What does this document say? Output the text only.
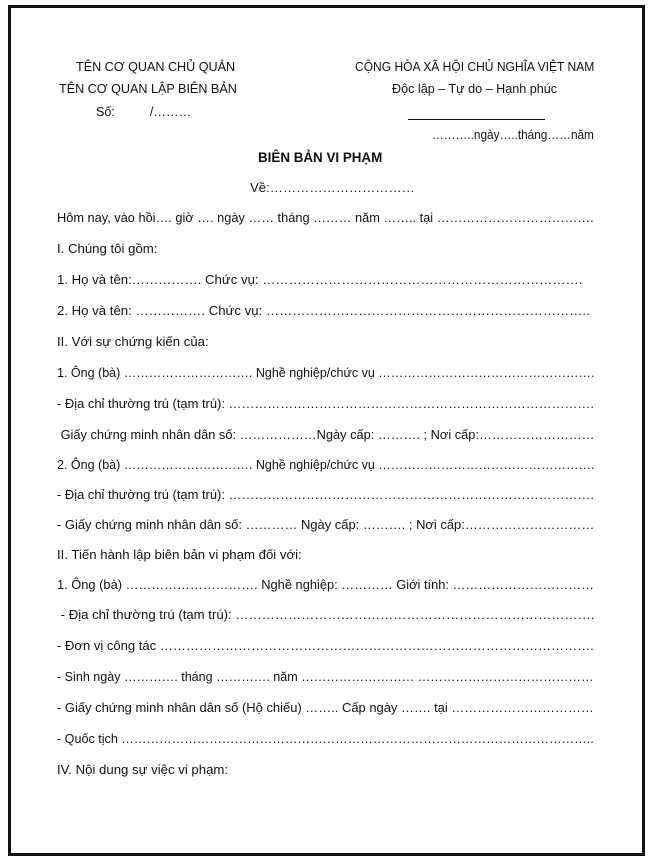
TÊN CƠ QUAN CHỦ QUẢN
TÊN CƠ QUAN LẬP BIÊN BẢN
Số:          /………
CỘNG HÒA XÃ HỘI CHỦ NGHĨA VIỆT NAM
Độc lập – Tự do – Hạnh phúc
………..ngày…..tháng……năm
BIÊN BẢN VI PHẠM
Về:……………………………
Hôm nay, vào hồi…. giờ …. ngày …… tháng ……… năm …….. tại ……………………………….
I. Chúng tôi gồm:
1. Họ và tên:……………. Chức vụ: ……………………………………………………………….
2. Họ và tên: ……………. Chức vụ: ………………………………………………………………..
II. Với sự chứng kiến của:
1. Ông (bà) …………………………. Nghề nghiệp/chức vụ …………………………………………….
- Địa chỉ thường trú (tạm trú): ………………………………………………………………………….
Giấy chứng minh nhân dân số: ………………Ngày cấp: ………. ; Nơi cấp:………………………
2. Ông (bà) …………………………. Nghề nghiệp/chức vụ …………………………………………….
- Địa chỉ thường trú (tạm trú): ………………………………………………………………………….
- Giấy chứng minh nhân dân số: ………… Ngày cấp: ………. ; Nơi cấp:…………………………
II. Tiến hành lập biên bản vi phạm đối với:
1. Ông (bà) …………………………. Nghề nghiệp: ………… Giới tính: ……………………………
- Địa chỉ thường trú (tạm trú): ……………………………………………………………………….
- Đơn vị công tác ……………………………………………………………………………………….
- Sinh ngày …………. tháng …………. năm ……………………… ……………………………………
- Giấy chứng minh nhân dân số (Hộ chiếu) …….. Cấp ngày ……. tại ……………………………
- Quốc tịch …………………………………………………………………………………………………..
IV. Nội dung sự việc vi phạm:
